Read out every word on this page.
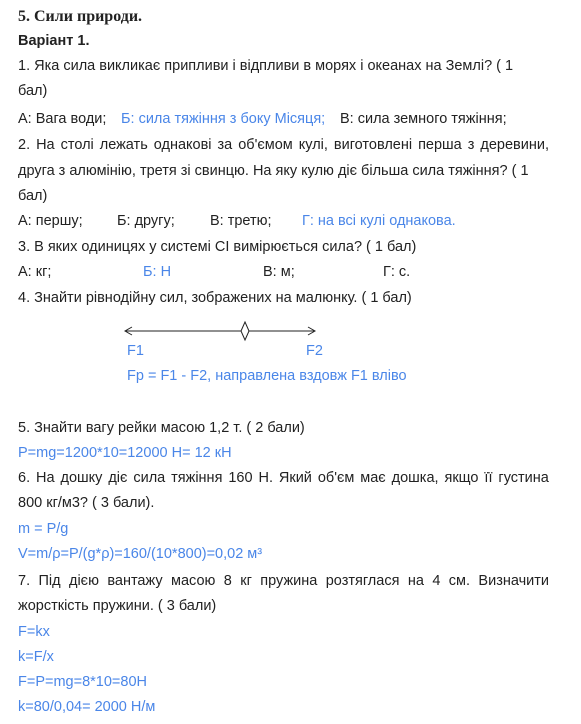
5. Сили природи.
Варіант 1.
1. Яка сила викликає припливи і відпливи в морях і океанах на Землі? ( 1
бал)
А: Вага води; Б: сила тяжіння з боку Місяця; В: сила земного тяжіння;
2. На столі лежать однакові за об'ємом кулі, виготовлені перша з деревини,
друга з алюмінію, третя зі свинцю. На яку кулю діє більша сила тяжіння? ( 1
бал)
А: першу; Б: другу; В: третю; Г: на всі кулі однакова.
3. В яких одиницях у системі СІ вимірюється сила? ( 1 бал)
А: кг;	Б: Н	В: м;	Г: с.
4. Знайти рівнодійну сил, зображених на малюнку. ( 1 бал)
F1	F2
Fp = F1 - F2, направлена вздовж F1 вліво
5. Знайти вагу рейки масою 1,2 т. ( 2 бали)
P=mg=1200*10=12000 Н= 12 кН
6. На дошку діє сила тяжіння 160 Н. Який об'єм має дошка, якщо її густина
800 кг/м3? ( 3 бали).
m = P/g
V=m/ρ=P/(g*ρ)=160/(10*800)=0,02 м³
7. Під дією вантажу масою 8 кг пружина розтяглася на 4 см. Визначити
жорсткість пружини. ( 3 бали)
F=kx
k=F/x
F=P=mg=8*10=80Н
k=80/0,04= 2000 Н/м
